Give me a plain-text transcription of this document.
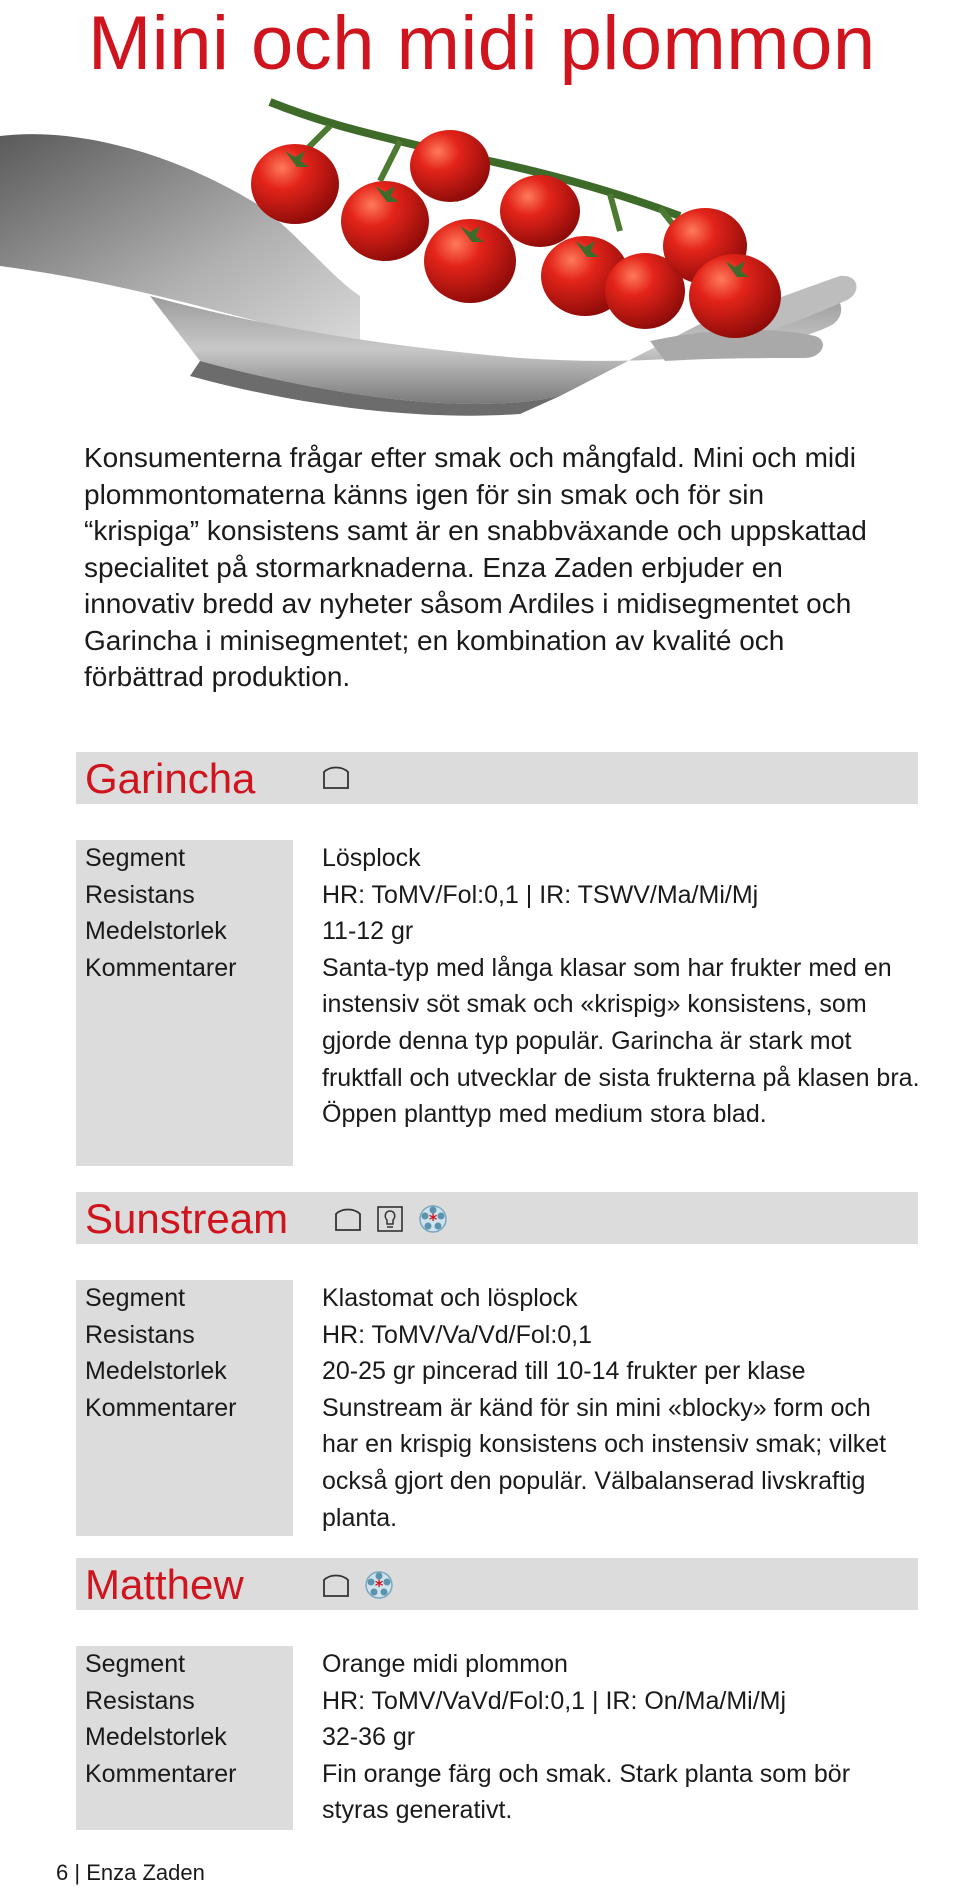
Mini och midi plommon

Konsumenterna frågar efter smak och mångfald. Mini och midi plommontomaterna känns igen för sin smak och för sin “krispiga” konsistens samt är en snabbväxande och uppskattad specialitet på stormarknaderna. Enza Zaden erbjuder en innovativ bredd av nyheter såsom Ardiles i midisegmentet och Garincha i minisegmentet; en kombination av kvalité och förbättrad produktion.

Garincha
Segment
Resistans
Medelstorlek
Kommentarer
Lösplock
HR: ToMV/Fol:0,1 | IR: TSWV/Ma/Mi/Mj
11-12 gr
Santa-typ med långa klasar som har frukter med en instensiv söt smak och «krispig» konsistens, som gjorde denna typ populär. Garincha är stark mot fruktfall och utvecklar de sista frukterna på klasen bra. Öppen planttyp med medium stora blad.
Sunstream	*
Segment
Resistans
Medelstorlek
Kommentarer
Klastomat och lösplock
HR: ToMV/Va/Vd/Fol:0,1
20-25 gr pincerad till 10-14 frukter per klase
Sunstream är känd för sin mini «blocky» form och har en krispig konsistens och instensiv smak; vilket också gjort den populär. Välbalanserad livskraftig planta.
Matthew	*
Segment
Resistans
Medelstorlek
Kommentarer
Orange midi plommon
HR: ToMV/VaVd/Fol:0,1 | IR: On/Ma/Mi/Mj
32-36 gr
Fin orange färg och smak. Stark planta som bör styras generativt.
6 | Enza Zaden
